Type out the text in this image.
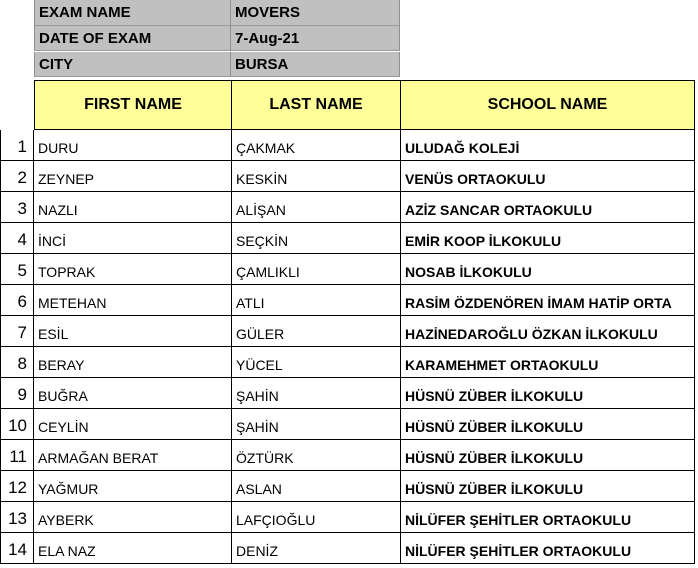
EXAM NAME	MOVERS
DATE OF EXAM	7-Aug-21
CITY	BURSA
FIRST NAME	LAST NAME	SCHOOL NAME
1 DURU	ÇAKMAK	ULUDAĞ KOLEJİ
2 ZEYNEP	KESKİN	VENÜS ORTAOKULU
3 NAZLI	ALİŞAN	AZİZ SANCAR ORTAOKULU
4 İNCİ	SEÇKİN	EMİR KOOP İLKOKULU
5 TOPRAK	ÇAMLIKLI	NOSAB İLKOKULU
6 METEHAN	ATLI	RASİM ÖZDENÖREN İMAM HATİP ORTA
7 ESİL	GÜLER	HAZİNEDAROĞLU ÖZKAN İLKOKULU
8 BERAY	YÜCEL	KARAMEHMET ORTAOKULU
9 BUĞRA	ŞAHİN	HÜSNÜ ZÜBER İLKOKULU
10 CEYLİN	ŞAHİN	HÜSNÜ ZÜBER İLKOKULU
11 ARMAĞAN BERAT	ÖZTÜRK	HÜSNÜ ZÜBER İLKOKULU
12 YAĞMUR	ASLAN	HÜSNÜ ZÜBER İLKOKULU
13 AYBERK	LAFÇIOĞLU	NİLÜFER ŞEHİTLER ORTAOKULU
14 ELA NAZ	DENİZ	NİLÜFER ŞEHİTLER ORTAOKULU
